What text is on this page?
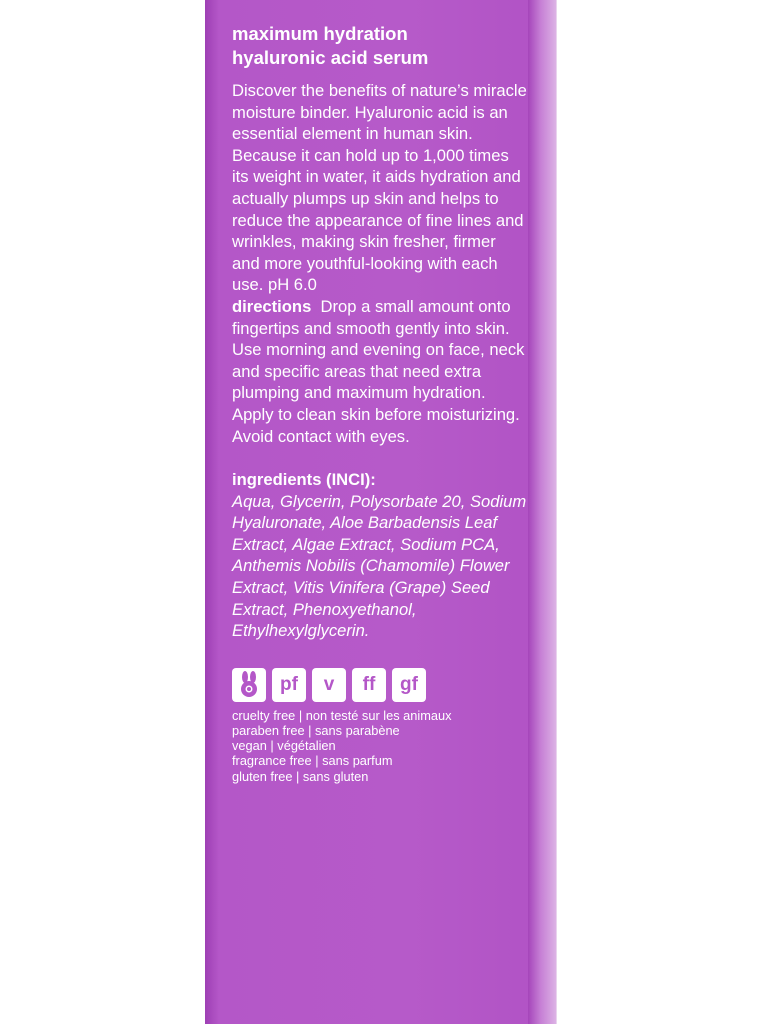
maximum hydration
hyaluronic acid serum
Discover the benefits of nature’s miracle moisture binder. Hyaluronic acid is an essential element in human skin. Because it can hold up to 1,000 times its weight in water, it aids hydration and actually plumps up skin and helps to reduce the appearance of fine lines and wrinkles, making skin fresher, firmer and more youthful-looking with each use. pH 6.0
directions Drop a small amount onto fingertips and smooth gently into skin. Use morning and evening on face, neck and specific areas that need extra plumping and maximum hydration. Apply to clean skin before moisturizing. Avoid contact with eyes.
ingredients (INCI):
Aqua, Glycerin, Polysorbate 20, Sodium Hyaluronate, Aloe Barbadensis Leaf Extract, Algae Extract, Sodium PCA, Anthemis Nobilis (Chamomile) Flower Extract, Vitis Vinifera (Grape) Seed Extract, Phenoxyethanol, Ethylhexylglycerin.
pf v ff gf
cruelty free | non testé sur les animaux
paraben free | sans parabène
vegan | végétalien
fragrance free | sans parfum
gluten free | sans gluten
